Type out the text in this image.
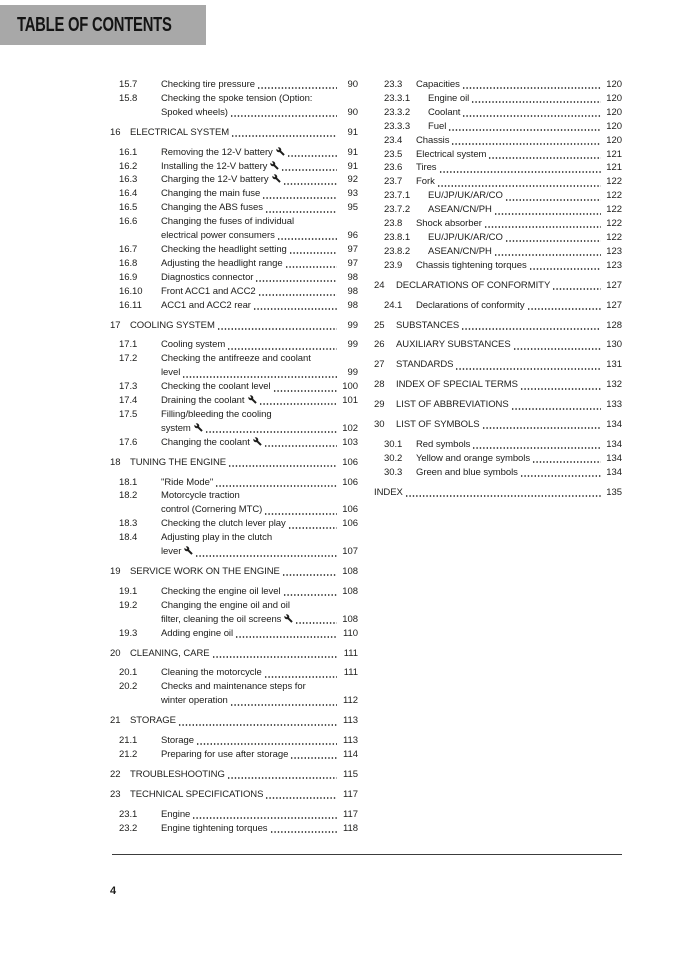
TABLE OF CONTENTS
15.7	Checking tire pressure	90
15.8	Checking the spoke tension (Option:
Spoked wheels)	90
16	ELECTRICAL SYSTEM	91
16.1	Removing the 12-V battery	91
16.2	Installing the 12-V battery	91
16.3	Charging the 12-V battery	92
16.4	Changing the main fuse	93
16.5	Changing the ABS fuses	95
16.6	Changing the fuses of individual
electrical power consumers	96
16.7	Checking the headlight setting	97
16.8	Adjusting the headlight range	97
16.9	Diagnostics connector	98
16.10	Front ACC1 and ACC2	98
16.11	ACC1 and ACC2 rear	98
17	COOLING SYSTEM	99
17.1	Cooling system	99
17.2	Checking the antifreeze and coolant
level	99
17.3	Checking the coolant level	100
17.4	Draining the coolant	101
17.5	Filling/bleeding the cooling
system	102
17.6	Changing the coolant	103
18	TUNING THE ENGINE	106
18.1	"Ride Mode"	106
18.2	Motorcycle traction
control (Cornering MTC)	106
18.3	Checking the clutch lever play	106
18.4	Adjusting play in the clutch
lever	107
19	SERVICE WORK ON THE ENGINE	108
19.1	Checking the engine oil level	108
19.2	Changing the engine oil and oil
filter, cleaning the oil screens	108
19.3	Adding engine oil	110
20	CLEANING, CARE	111
20.1	Cleaning the motorcycle	111
20.2	Checks and maintenance steps for
winter operation	112
21	STORAGE	113
21.1	Storage	113
21.2	Preparing for use after storage	114
22	TROUBLESHOOTING	115
23	TECHNICAL SPECIFICATIONS	117
23.1	Engine	117
23.2	Engine tightening torques	118
23.3	Capacities	120
23.3.1	Engine oil	120
23.3.2	Coolant	120
23.3.3	Fuel	120
23.4	Chassis	120
23.5	Electrical system	121
23.6	Tires	121
23.7	Fork	122
23.7.1	EU/JP/UK/AR/CO	122
23.7.2	ASEAN/CN/PH	122
23.8	Shock absorber	122
23.8.1	EU/JP/UK/AR/CO	122
23.8.2	ASEAN/CN/PH	123
23.9	Chassis tightening torques	123
24	DECLARATIONS OF CONFORMITY	127
24.1	Declarations of conformity	127
25	SUBSTANCES	128
26	AUXILIARY SUBSTANCES	130
27	STANDARDS	131
28	INDEX OF SPECIAL TERMS	132
29	LIST OF ABBREVIATIONS	133
30	LIST OF SYMBOLS	134
30.1	Red symbols	134
30.2	Yellow and orange symbols	134
30.3	Green and blue symbols	134
INDEX	135
4
